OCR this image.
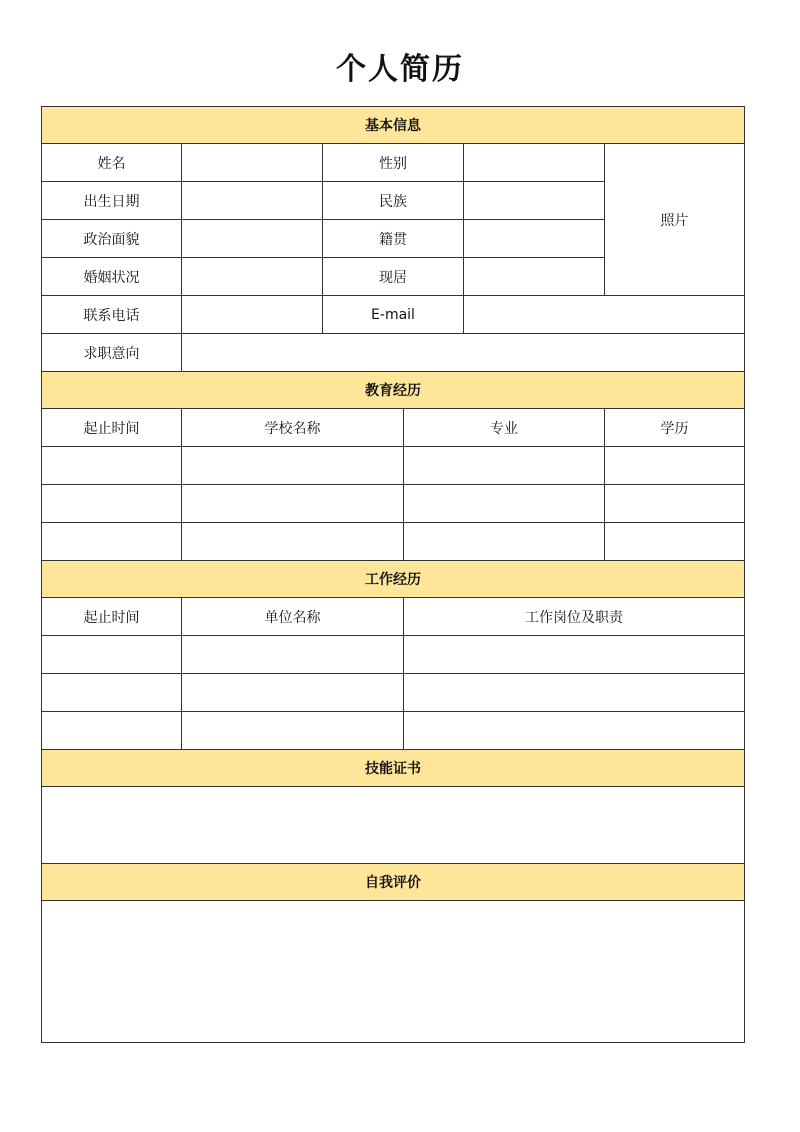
个人简历
基本信息					
姓名		性别			照片
出生日期		民族			
政治面貌		籍贯			
婚姻状况		现居			
联系电话		E-mail			
求职意向					
教育经历					
起止时间	学校名称		专业		学历

工作经历					
起止时间	单位名称		工作岗位及职责		

技能证书					

自我评价					
